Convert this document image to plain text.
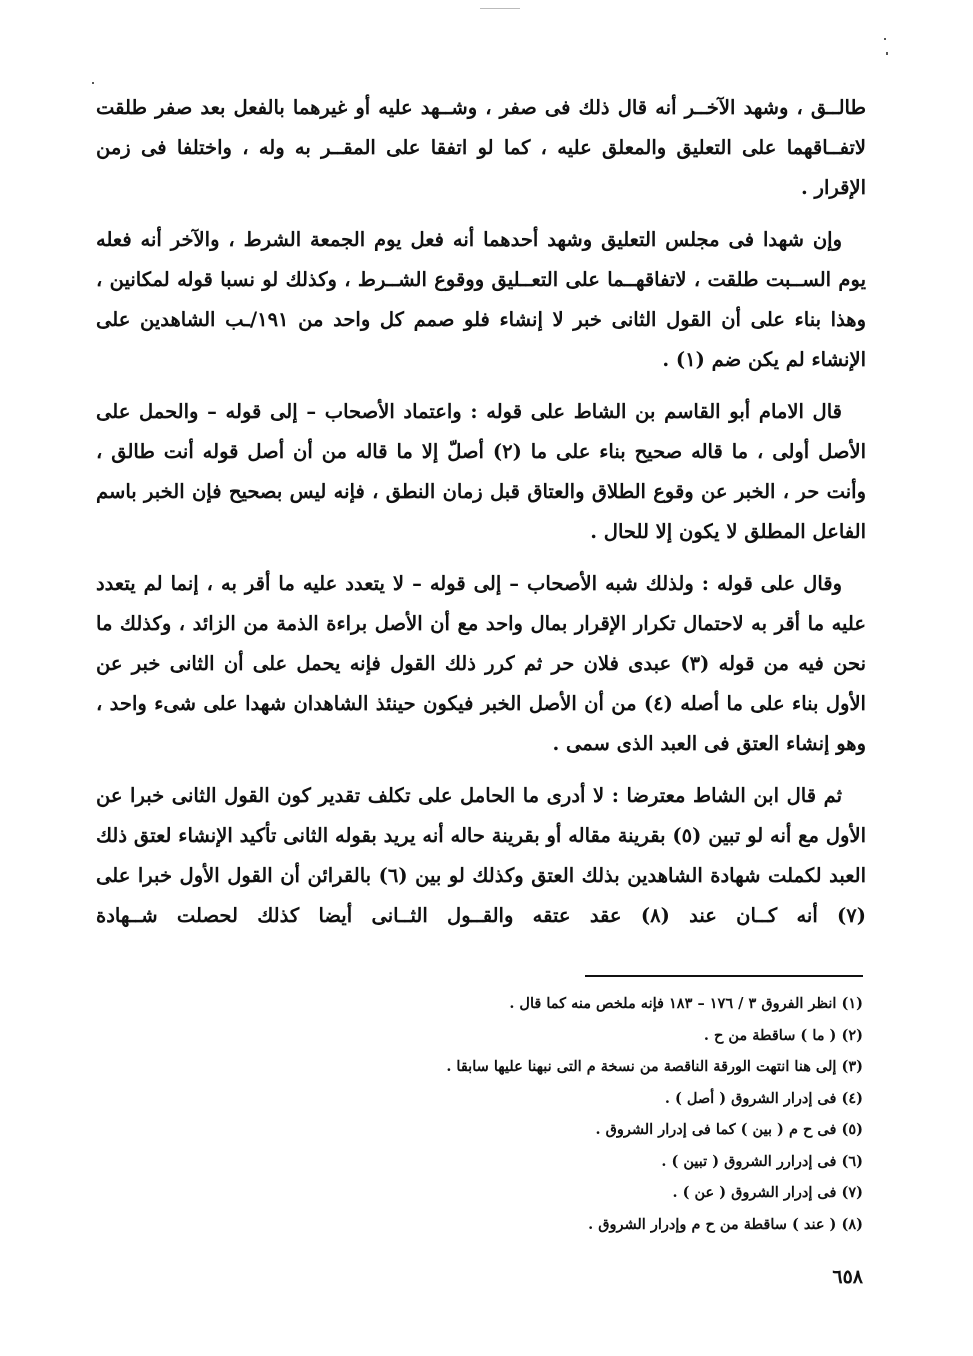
طالــق ، وشهد الآخــر أنه قال ذلك فى صفر ، وشــهد عليه أو غيرهما بالفعل بعد صفر طلقت لاتفــاقهما على التعليق والمعلق عليه ، كما لو اتفقا على المقــر به وله ، واختلفا فى زمن الإقرار .

وإن شهدا فى مجلس التعليق وشهد أحدهما أنه فعل يوم الجمعة الشرط ، والآخر أنه فعله يوم الســبت طلقت ، لاتفاقهــما على التعــليق ووقوع الشــرط ، وكذلك لو نسبا قوله لمكانين ، وهذا بناء على أن القول الثانى خبر لا إنشاء فلو صمم كل واحد من ١٩١/ـب الشاهدين على الإنشاء لم يكن ضم (١) .

قال الامام أبو القاسم بن الشاط على قوله : واعتماد الأصحاب – إلى قوله – والحمل على الأصل أولى ، ما قاله صحيح بناء على ما (٢) أصلّ إلا ما قاله من أن أصل قوله أنت طالق ، وأنت حر ، الخبر عن وقوع الطلاق والعتاق قبل زمان النطق ، فإنه ليس بصحيح فإن الخبر باسم الفاعل المطلق لا يكون إلا للحال .

وقال على قوله : ولذلك شبه الأصحاب – إلى قوله – لا يتعدد عليه ما أقر به ، إنما لم يتعدد عليه ما أقر به لاحتمال تكرار الإقرار بمال واحد مع أن الأصل براءة الذمة من الزائد ، وكذلك ما نحن فيه من قوله (٣) عبدى فلان حر ثم كرر ذلك القول فإنه يحمل على أن الثانى خبر عن الأول بناء على ما أصله (٤) من أن الأصل الخبر فيكون حينئذ الشاهدان شهدا على شىء واحد ، وهو إنشاء العتق فى العبد الذى سمى .

ثم قال ابن الشاط معترضا : لا أدرى ما الحامل على تكلف تقدير كون القول الثانى خبرا عن الأول مع أنه لو تبين (٥) بقرينة مقاله أو بقرينة حاله أنه يريد بقوله الثانى تأكيد الإنشاء لعتق ذلك العبد لكملت شهادة الشاهدين بذلك العتق وكذلك لو بين (٦) بالقرائن أن القول الأول خبرا على (٧) أنه كــان عند (٨) عقد عتقه والقــول الثــانى أيضا كذلك لحصلت شــهادة

(١) انظر الفروق ٣ / ١٧٦ – ١٨٣ فإنه ملخص منه كما قال .
(٢) ( ما ) ساقطة من ح .
(٣) إلى هنا انتهت الورقة الناقصة من نسخة م التى نبهنا عليها سابقا .
(٤) فى إدرار الشروق ( أصل ) .
(٥) فى ح م ( بين ) كما فى إدرار الشروق .
(٦) فى إدرارر الشروق ( تبين ) .
(٧) فى إدرار الشروق ( عن ) .
(٨) ( عند ) ساقطة من ح م وإدرار الشروق .
٦٥٨
